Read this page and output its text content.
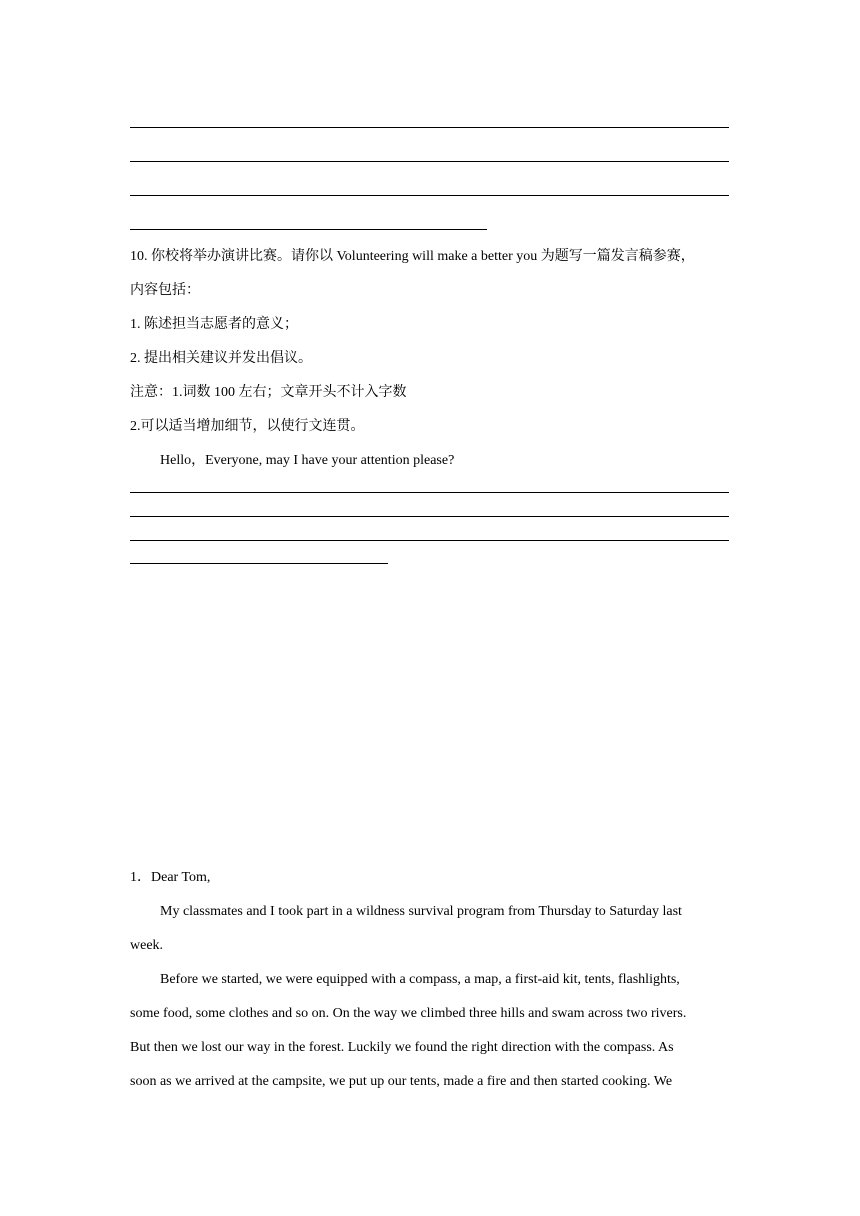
10. 你校将举办演讲比赛。请你以 Volunteering will make a better you 为题写一篇发言稿参赛，
内容包括：
1. 陈述担当志愿者的意义；
2. 提出相关建议并发出倡议。
注意：1.词数 100 左右；文章开头不计入字数
2.可以适当增加细节，以使行文连贯。
Hello，Everyone, may I have your attention please?
1．Dear Tom,
My classmates and I took part in a wildness survival program from Thursday to Saturday last
week.
Before we started, we were equipped with a compass, a map, a first-aid kit, tents, flashlights,
some food, some clothes and so on. On the way we climbed three hills and swam across two rivers.
But then we lost our way in the forest. Luckily we found the right direction with the compass. As
soon as we arrived at the campsite, we put up our tents, made a fire and then started cooking. We
